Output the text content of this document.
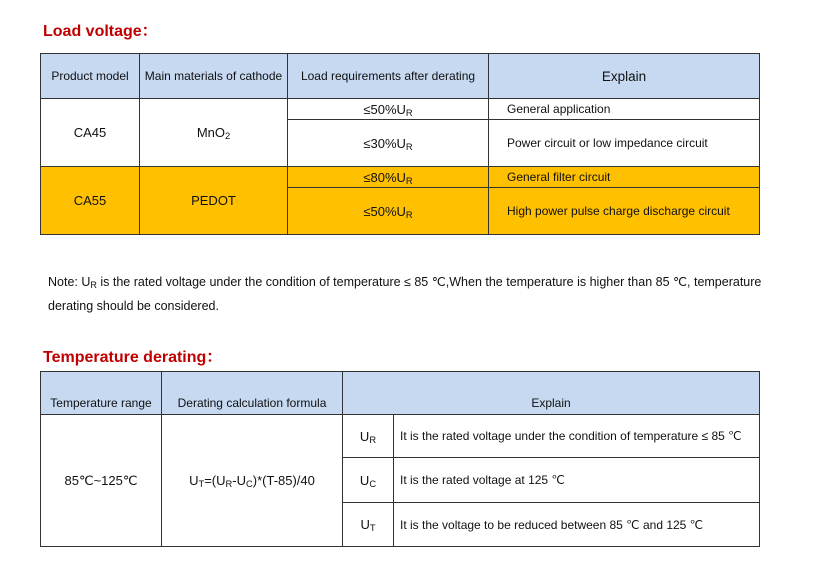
Load voltage：
Product model	Main materials of cathode	Load requirements after derating	Explain
CA45	MnO$_2$	$\le 50\%U_R$	General application
		$\le 30\%U_R$	Power circuit or low impedance circuit
CA55	PEDOT	$\le 80\%U_R$	General filter circuit
		$\le 50\%U_R$	High power pulse charge discharge circuit
Note: $U_R$ is the rated voltage under the condition of temperature ≤ 85 ℃,When the temperature is higher than 85 ℃, temperature derating should be considered.
Temperature derating：
Temperature range	Derating calculation formula	Explain	
85℃~125℃	$U_T=(U_R-U_C)*(T-85)/40$	$U_R$	It is the rated voltage under the condition of temperature ≤ 85 ℃
		$U_C$	It is the rated voltage at 125 ℃
		$U_T$	It is the voltage to be reduced between 85 ℃ and 125 ℃
